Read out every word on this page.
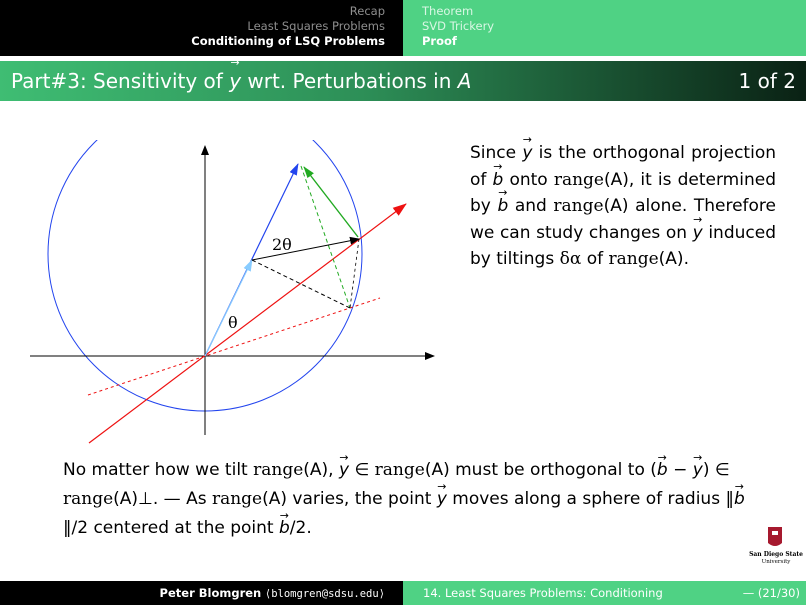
Recap
Least Squares Problems
Conditioning of LSQ Problems
Theorem
SVD Trickery
Proof
Part#3: Sensitivity of → y wrt. Perturbations in A	1 of 2
2θ
θ
Since → y is the orthogonal projection of → b onto range(A), it is determined by → b and range(A) alone. Therefore we can study changes on → y induced by tiltings δα of range(A).
No matter how we tilt range(A), → y ∈ range(A) must be orthogonal to (→ b − → y) ∈ range(A)⊥. — As range(A) varies, the point → y moves along a sphere of radius ‖→ b‖/2 centered at the point → b/2.
San Diego State
University
Peter Blomgren ⟨blomgren@sdsu.edu⟩	14. Least Squares Problems: Conditioning	— (21/30)
